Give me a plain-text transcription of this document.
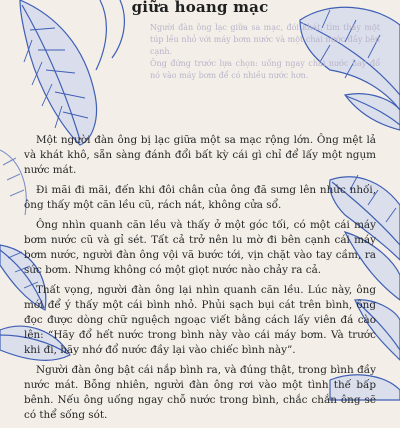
giữa hoang mạc

Người đàn ông lạc giữa sa mạc, đói khát, tìm thấy một túp lều nhỏ với máy bơm nước và một chai nước đầy bên cạnh.

Ông đứng trước lựa chọn: uống ngay chai nước hay đổ nó vào máy bơm để có nhiều nước hơn.

Một người đàn ông bị lạc giữa một sa mạc rộng lớn. Ông mệt lả và khát khô, sẵn sàng đánh đổi bất kỳ cái gì chỉ để lấy một ngụm nước mát.

Đi mãi đi mãi, đến khi đôi chân của ông đã sưng lên nhức nhối, ông thấy một căn lều cũ, rách nát, không cửa sổ.

Ông nhìn quanh căn lều và thấy ở một góc tối, có một cái máy bơm nước cũ và gỉ sét. Tất cả trở nên lu mờ đi bên cạnh cái máy bơm nước, người đàn ông vội vã bước tới, vịn chặt vào tay cầm, ra sức bơm. Nhưng không có một giọt nước nào chảy ra cả.

Thất vọng, người đàn ông lại nhìn quanh căn lều. Lúc này, ông mới để ý thấy một cái bình nhỏ. Phủi sạch bụi cát trên bình, ông đọc được dòng chữ nguệch ngoạc viết bằng cách lấy viên đá cào lên: “Hãy đổ hết nước trong bình này vào cái máy bơm. Và trước khi đi, hãy nhớ đổ nước đầy lại vào chiếc bình này”.

Người đàn ông bật cái nắp bình ra, và đúng thật, trong bình đầy nước mát. Bỗng nhiên, người đàn ông rơi vào một tình thế bấp bênh. Nếu ông uống ngay chỗ nước trong bình, chắc chắn ông sẽ có thể sống sót.
